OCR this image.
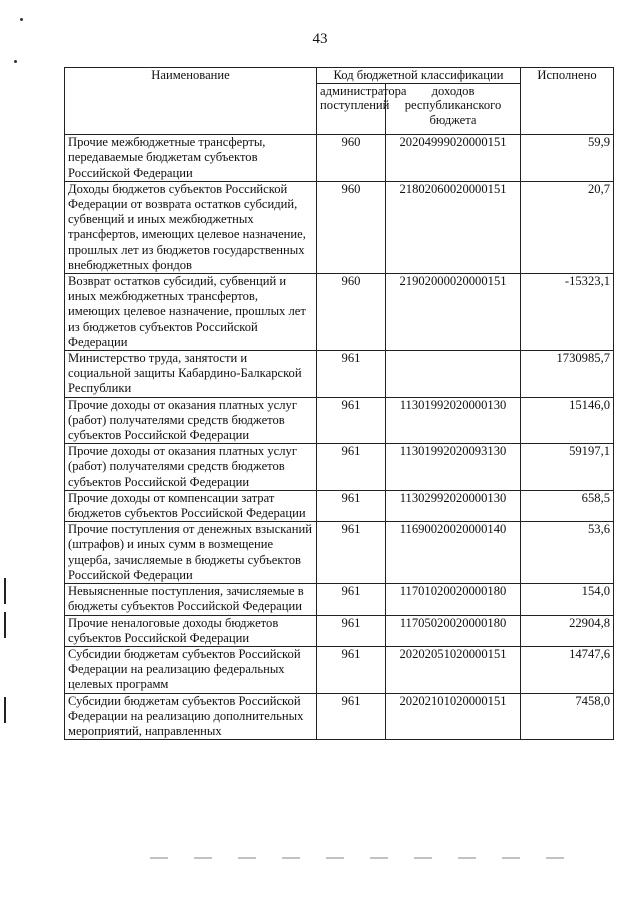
43
Наименование	Код бюджетной классификации		Исполнено
	администратора поступлений	доходов республиканского бюджета	
Прочие межбюджетные трансферты, передаваемые бюджетам субъектов Российской Федерации	960	20204999020000151	59,9
Доходы бюджетов субъектов Российской Федерации от возврата остатков субсидий, субвенций и иных межбюджетных трансфертов, имеющих целевое назначение, прошлых лет из бюджетов государственных внебюджетных фондов	960	21802060020000151	20,7
Возврат остатков субсидий, субвенций и иных межбюджетных трансфертов, имеющих целевое назначение, прошлых лет из бюджетов субъектов Российской Федерации	960	21902000020000151	-15323,1
Министерство труда, занятости и социальной защиты Кабардино-Балкарской Республики	961		1730985,7
Прочие доходы от оказания платных услуг (работ) получателями средств бюджетов субъектов Российской Федерации	961	11301992020000130	15146,0
Прочие доходы от оказания платных услуг (работ) получателями средств бюджетов субъектов Российской Федерации	961	11301992020093130	59197,1
Прочие доходы от компенсации затрат бюджетов субъектов Российской Федерации	961	11302992020000130	658,5
Прочие поступления от денежных взысканий (штрафов) и иных сумм в возмещение ущерба, зачисляемые в бюджеты субъектов Российской Федерации	961	11690020020000140	53,6
Невыясненные поступления, зачисляемые в бюджеты субъектов Российской Федерации	961	11701020020000180	154,0
Прочие неналоговые доходы бюджетов субъектов Российской Федерации	961	11705020020000180	22904,8
Субсидии бюджетам субъектов Российской Федерации на реализацию федеральных целевых программ	961	20202051020000151	14747,6
Субсидии бюджетам субъектов Российской Федерации на реализацию дополнительных мероприятий, направленных	961	20202101020000151	7458,0
